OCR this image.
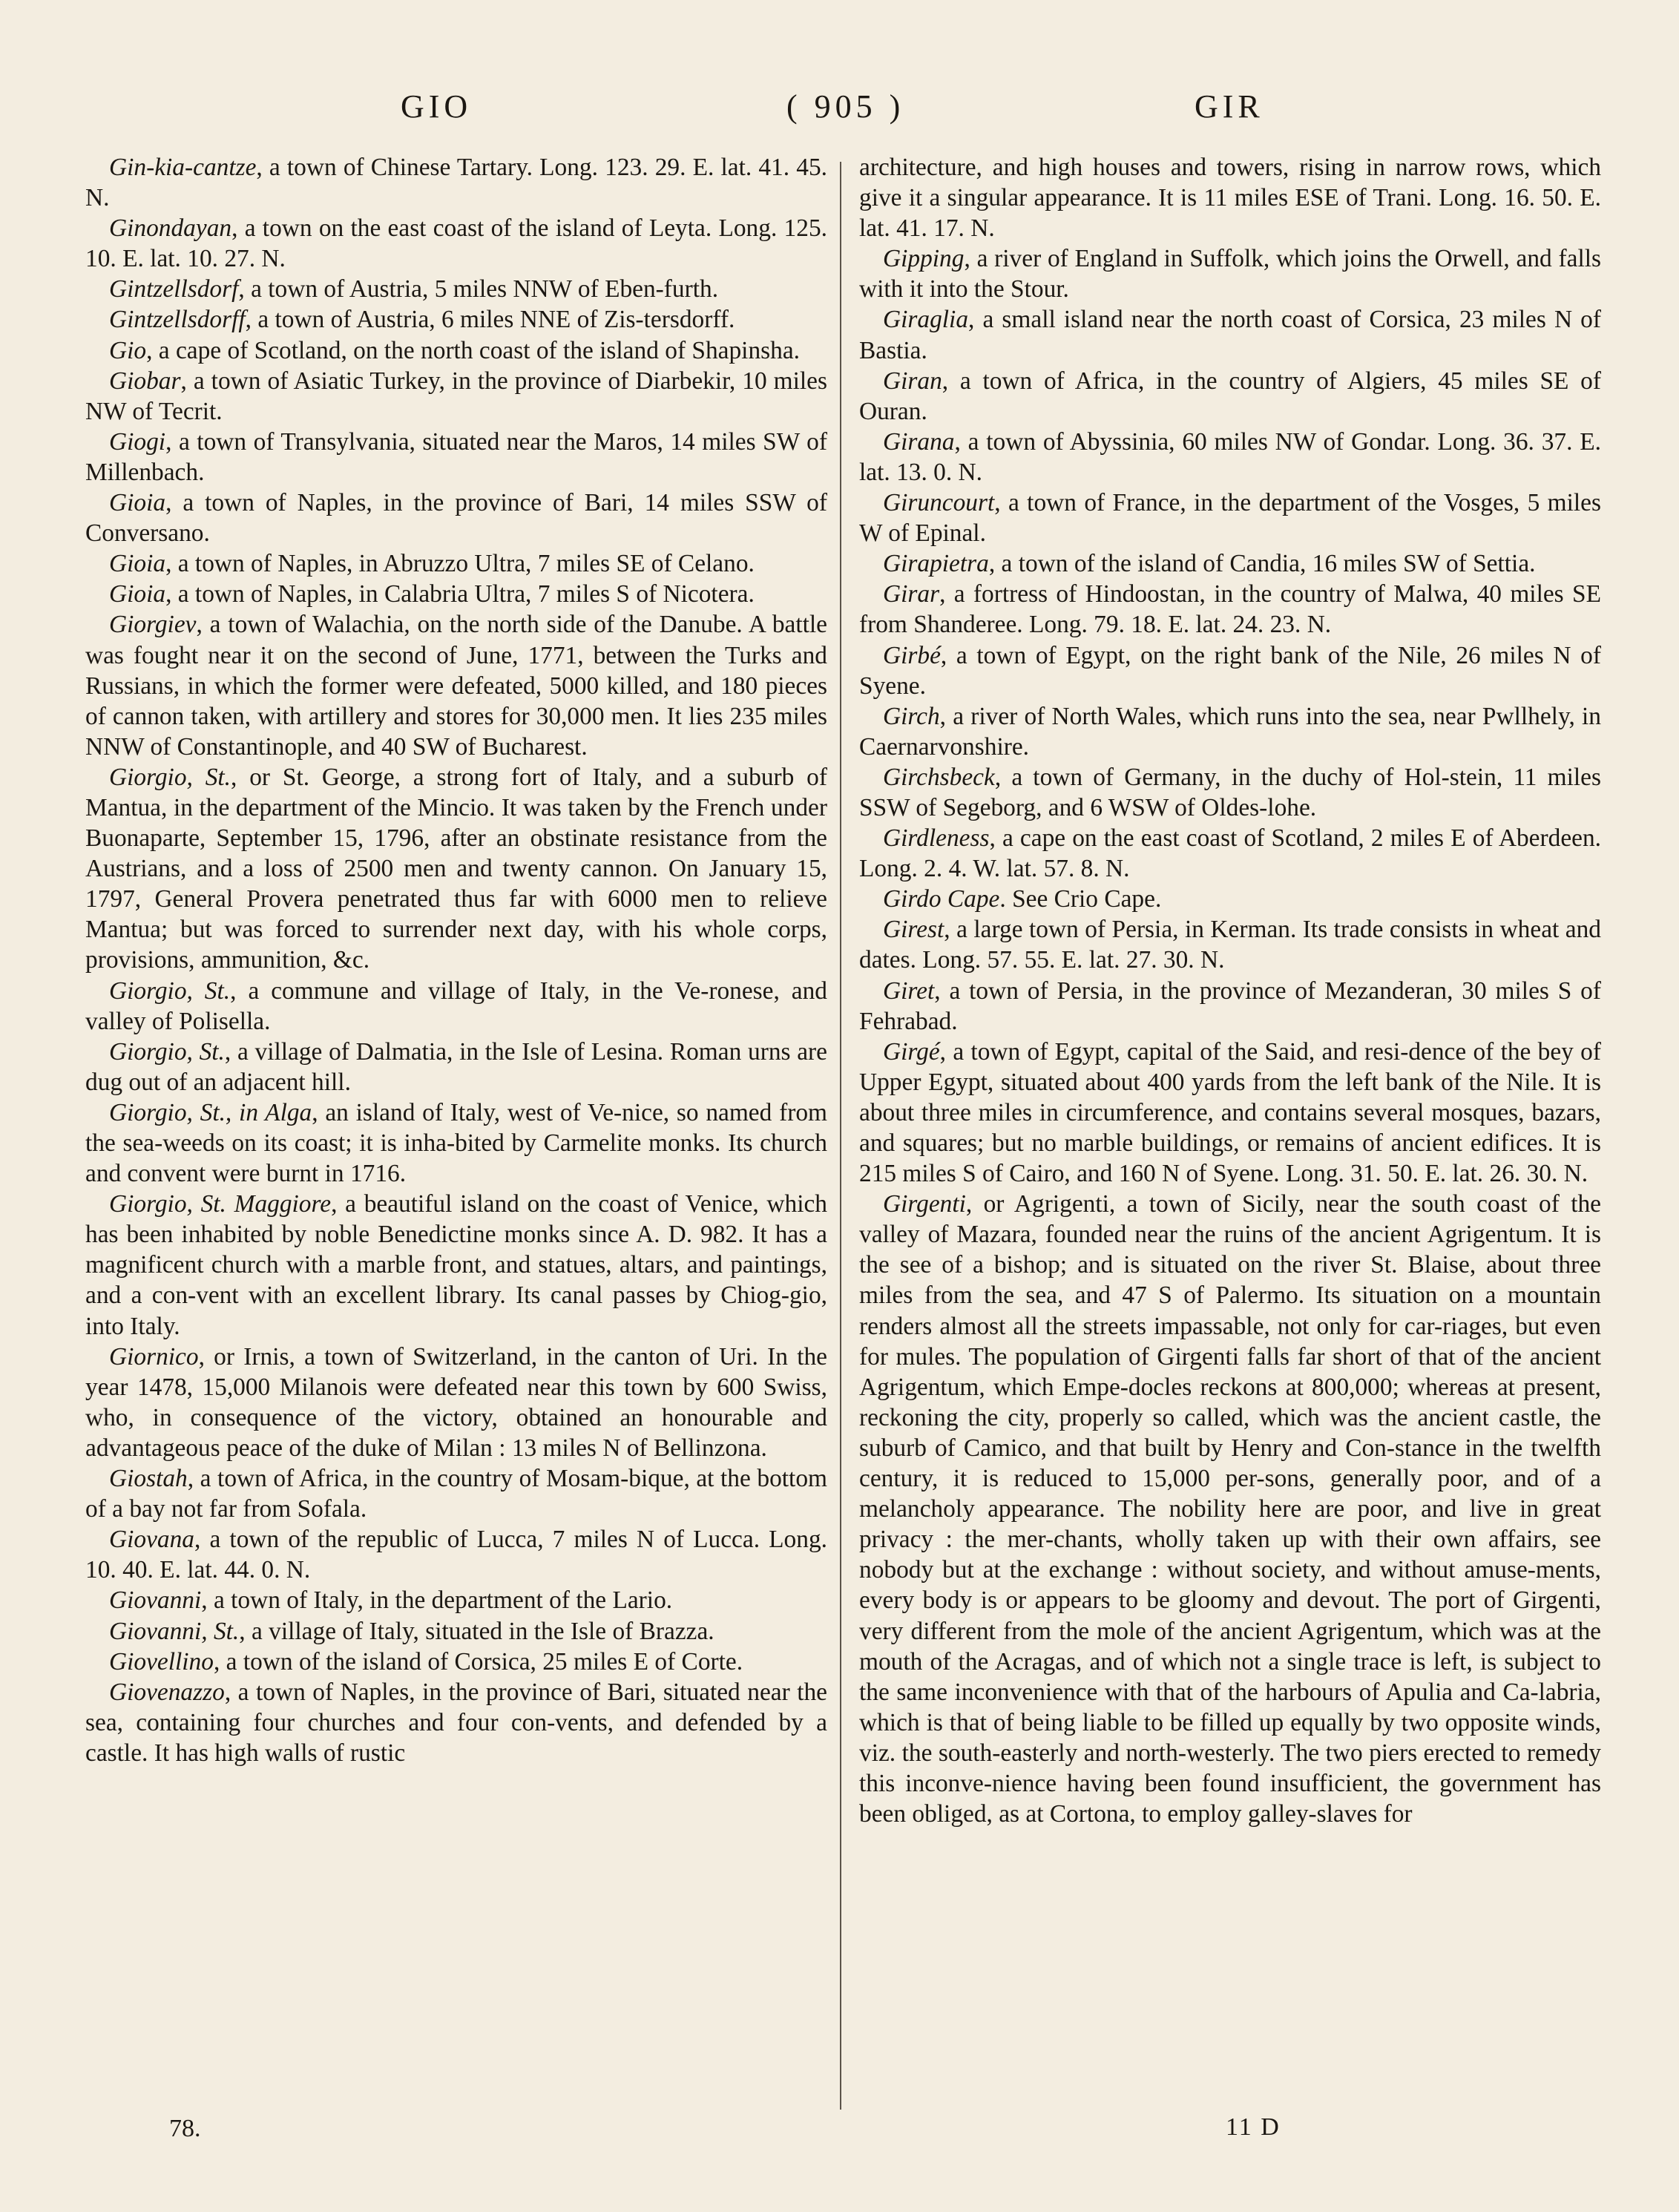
GIO	( 905 )	GIR

Gin-kia-cantze, a town of Chinese Tartary. Long. 123. 29. E. lat. 41. 45. N.

Ginondayan, a town on the east coast of the island of Leyta. Long. 125. 10. E. lat. 10. 27. N.

Gintzellsdorf, a town of Austria, 5 miles NNW of Eben-furth.

Gintzellsdorff, a town of Austria, 6 miles NNE of Zis-tersdorff.

Gio, a cape of Scotland, on the north coast of the island of Shapinsha.

Giobar, a town of Asiatic Turkey, in the province of Diarbekir, 10 miles NW of Tecrit.

Giogi, a town of Transylvania, situated near the Maros, 14 miles SW of Millenbach.

Gioia, a town of Naples, in the province of Bari, 14 miles SSW of Conversano.

Gioia, a town of Naples, in Abruzzo Ultra, 7 miles SE of Celano.

Gioia, a town of Naples, in Calabria Ultra, 7 miles S of Nicotera.

Giorgiev, a town of Walachia, on the north side of the Danube. A battle was fought near it on the second of June, 1771, between the Turks and Russians, in which the former were defeated, 5000 killed, and 180 pieces of cannon taken, with artillery and stores for 30,000 men. It lies 235 miles NNW of Constantinople, and 40 SW of Bucharest.

Giorgio, St., or St. George, a strong fort of Italy, and a suburb of Mantua, in the department of the Mincio. It was taken by the French under Buonaparte, September 15, 1796, after an obstinate resistance from the Austrians, and a loss of 2500 men and twenty cannon. On January 15, 1797, General Provera penetrated thus far with 6000 men to relieve Mantua; but was forced to surrender next day, with his whole corps, provisions, ammunition, &c.

Giorgio, St., a commune and village of Italy, in the Ve-ronese, and valley of Polisella.

Giorgio, St., a village of Dalmatia, in the Isle of Lesina. Roman urns are dug out of an adjacent hill.

Giorgio, St., in Alga, an island of Italy, west of Ve-nice, so named from the sea-weeds on its coast; it is inha-bited by Carmelite monks. Its church and convent were burnt in 1716.

Giorgio, St. Maggiore, a beautiful island on the coast of Venice, which has been inhabited by noble Benedictine monks since A. D. 982. It has a magnificent church with a marble front, and statues, altars, and paintings, and a con-vent with an excellent library. Its canal passes by Chiog-gio, into Italy.

Giornico, or Irnis, a town of Switzerland, in the canton of Uri. In the year 1478, 15,000 Milanois were defeated near this town by 600 Swiss, who, in consequence of the victory, obtained an honourable and advantageous peace of the duke of Milan : 13 miles N of Bellinzona.

Giostah, a town of Africa, in the country of Mosam-bique, at the bottom of a bay not far from Sofala.

Giovana, a town of the republic of Lucca, 7 miles N of Lucca. Long. 10. 40. E. lat. 44. 0. N.

Giovanni, a town of Italy, in the department of the Lario.

Giovanni, St., a village of Italy, situated in the Isle of Brazza.

Giovellino, a town of the island of Corsica, 25 miles E of Corte.

Giovenazzo, a town of Naples, in the province of Bari, situated near the sea, containing four churches and four con-vents, and defended by a castle. It has high walls of rustic

architecture, and high houses and towers, rising in narrow rows, which give it a singular appearance. It is 11 miles ESE of Trani. Long. 16. 50. E. lat. 41. 17. N.

Gipping, a river of England in Suffolk, which joins the Orwell, and falls with it into the Stour.

Giraglia, a small island near the north coast of Corsica, 23 miles N of Bastia.

Giran, a town of Africa, in the country of Algiers, 45 miles SE of Ouran.

Girana, a town of Abyssinia, 60 miles NW of Gondar. Long. 36. 37. E. lat. 13. 0. N.

Giruncourt, a town of France, in the department of the Vosges, 5 miles W of Epinal.

Girapietra, a town of the island of Candia, 16 miles SW of Settia.

Girar, a fortress of Hindoostan, in the country of Malwa, 40 miles SE from Shanderee. Long. 79. 18. E. lat. 24. 23. N.

Girbé, a town of Egypt, on the right bank of the Nile, 26 miles N of Syene.

Girch, a river of North Wales, which runs into the sea, near Pwllhely, in Caernarvonshire.

Girchsbeck, a town of Germany, in the duchy of Hol-stein, 11 miles SSW of Segeborg, and 6 WSW of Oldes-lohe.

Girdleness, a cape on the east coast of Scotland, 2 miles E of Aberdeen. Long. 2. 4. W. lat. 57. 8. N.

Girdo Cape. See Crio Cape.

Girest, a large town of Persia, in Kerman. Its trade consists in wheat and dates. Long. 57. 55. E. lat. 27. 30. N.

Giret, a town of Persia, in the province of Mezanderan, 30 miles S of Fehrabad.

Girgé, a town of Egypt, capital of the Said, and resi-dence of the bey of Upper Egypt, situated about 400 yards from the left bank of the Nile. It is about three miles in circumference, and contains several mosques, bazars, and squares; but no marble buildings, or remains of ancient edifices. It is 215 miles S of Cairo, and 160 N of Syene. Long. 31. 50. E. lat. 26. 30. N.

Girgenti, or Agrigenti, a town of Sicily, near the south coast of the valley of Mazara, founded near the ruins of the ancient Agrigentum. It is the see of a bishop; and is situated on the river St. Blaise, about three miles from the sea, and 47 S of Palermo. Its situation on a mountain renders almost all the streets impassable, not only for car-riages, but even for mules. The population of Girgenti falls far short of that of the ancient Agrigentum, which Empe-docles reckons at 800,000; whereas at present, reckoning the city, properly so called, which was the ancient castle, the suburb of Camico, and that built by Henry and Con-stance in the twelfth century, it is reduced to 15,000 per-sons, generally poor, and of a melancholy appearance. The nobility here are poor, and live in great privacy : the mer-chants, wholly taken up with their own affairs, see nobody but at the exchange : without society, and without amuse-ments, every body is or appears to be gloomy and devout. The port of Girgenti, very different from the mole of the ancient Agrigentum, which was at the mouth of the Acragas, and of which not a single trace is left, is subject to the same inconvenience with that of the harbours of Apulia and Ca-labria, which is that of being liable to be filled up equally by two opposite winds, viz. the south-easterly and north-westerly. The two piers erected to remedy this inconve-nience having been found insufficient, the government has been obliged, as at Cortona, to employ galley-slaves for

78.	11 D
